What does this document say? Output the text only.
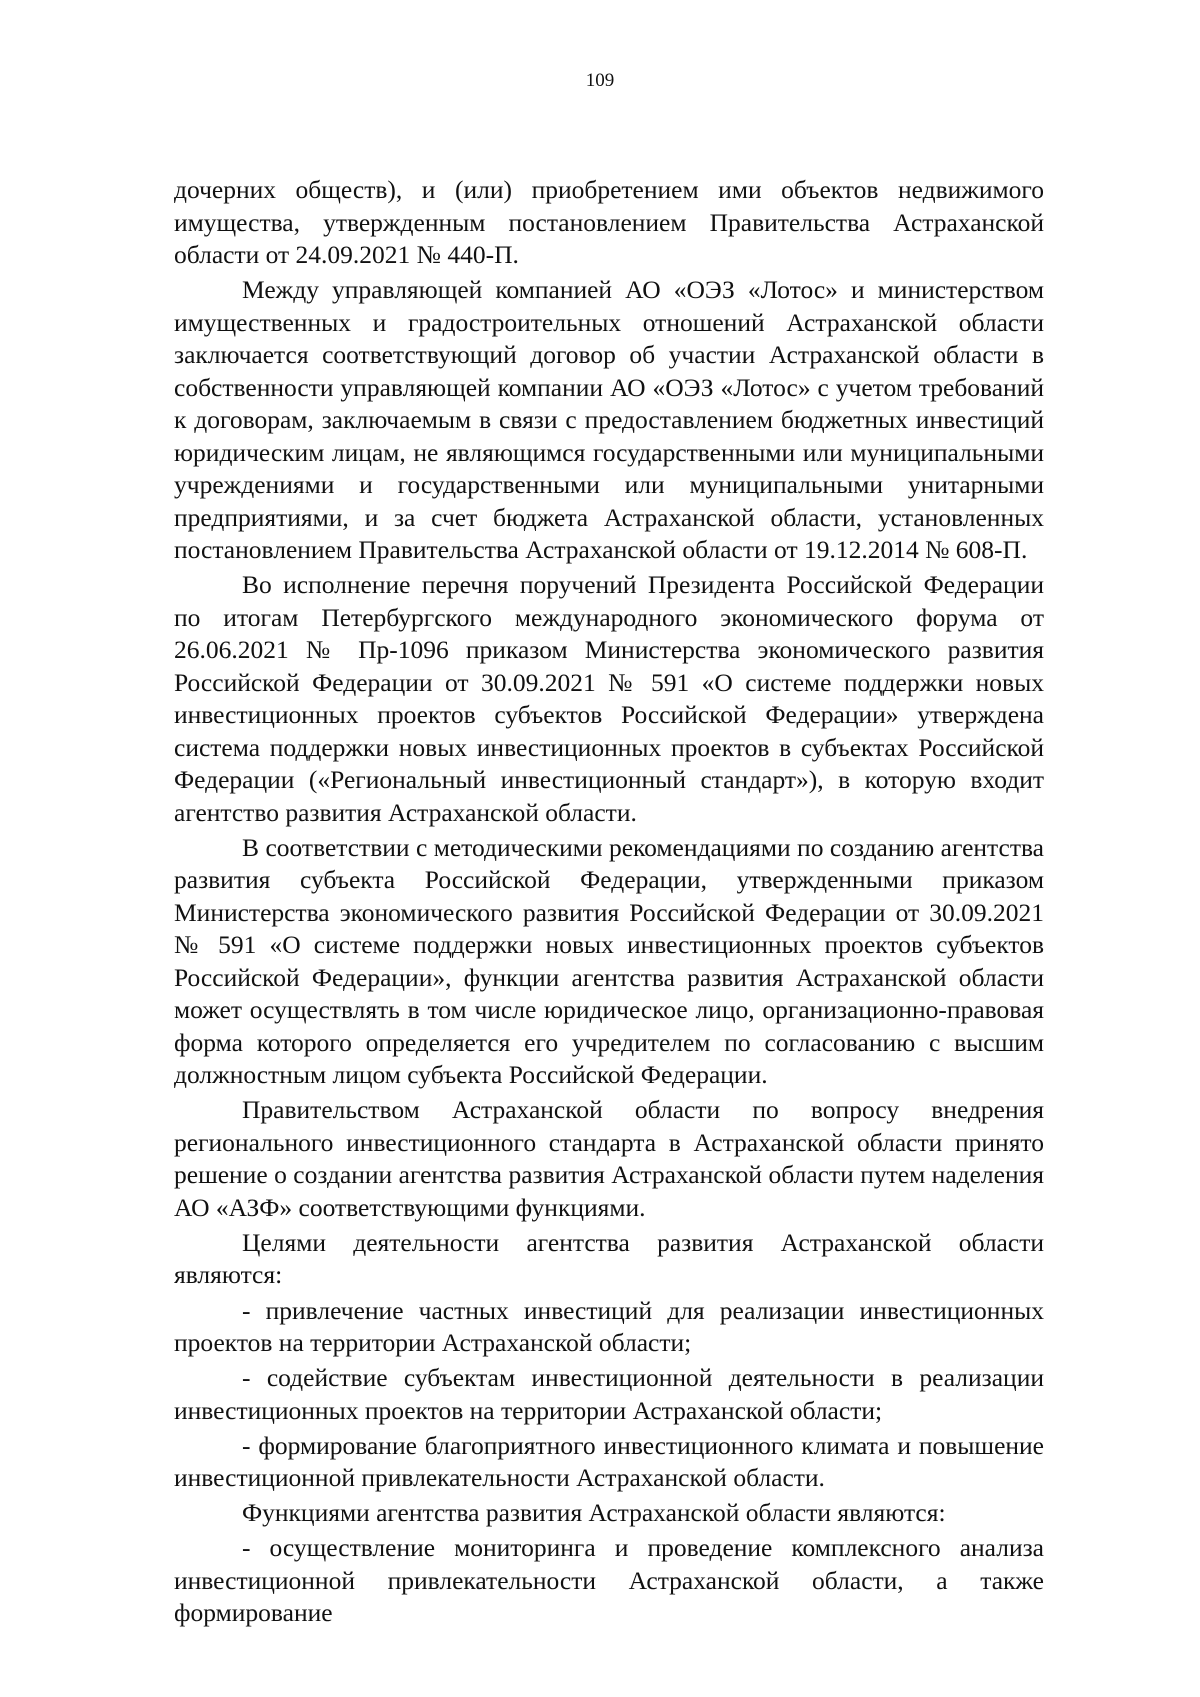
109

дочерних обществ), и (или) приобретением ими объектов недвижимого имущества, утвержденным постановлением Правительства Астраханской области от 24.09.2021 № 440-П.

Между управляющей компанией АО «ОЭЗ «Лотос» и министерством имущественных и градостроительных отношений Астраханской области заключается соответствующий договор об участии Астраханской области в собственности управляющей компании АО «ОЭЗ «Лотос» с учетом требований к договорам, заключаемым в связи с предоставлением бюджетных инвестиций юридическим лицам, не являющимся государственными или муниципальными учреждениями и государственными или муниципальными унитарными предприятиями, и за счет бюджета Астраханской области, установленных постановлением Правительства Астраханской области от 19.12.2014 № 608-П.

Во исполнение перечня поручений Президента Российской Федерации по итогам Петербургского международного экономического форума от 26.06.2021 № Пр-1096 приказом Министерства экономического развития Российской Федерации от 30.09.2021 № 591 «О системе поддержки новых инвестиционных проектов субъектов Российской Федерации» утверждена система поддержки новых инвестиционных проектов в субъектах Российской Федерации («Региональный инвестиционный стандарт»), в которую входит агентство развития Астраханской области.

В соответствии с методическими рекомендациями по созданию агентства развития субъекта Российской Федерации, утвержденными приказом Министерства экономического развития Российской Федерации от 30.09.2021 № 591 «О системе поддержки новых инвестиционных проектов субъектов Российской Федерации», функции агентства развития Астраханской области может осуществлять в том числе юридическое лицо, организационно-правовая форма которого определяется его учредителем по согласованию с высшим должностным лицом субъекта Российской Федерации.

Правительством Астраханской области по вопросу внедрения регионального инвестиционного стандарта в Астраханской области принято решение о создании агентства развития Астраханской области путем наделения АО «АЗФ» соответствующими функциями.

Целями деятельности агентства развития Астраханской области являются:

- привлечение частных инвестиций для реализации инвестиционных проектов на территории Астраханской области;

- содействие субъектам инвестиционной деятельности в реализации инвестиционных проектов на территории Астраханской области;

- формирование благоприятного инвестиционного климата и повышение инвестиционной привлекательности Астраханской области.

Функциями агентства развития Астраханской области являются:

- осуществление мониторинга и проведение комплексного анализа инвестиционной привлекательности Астраханской области, а также формирование
